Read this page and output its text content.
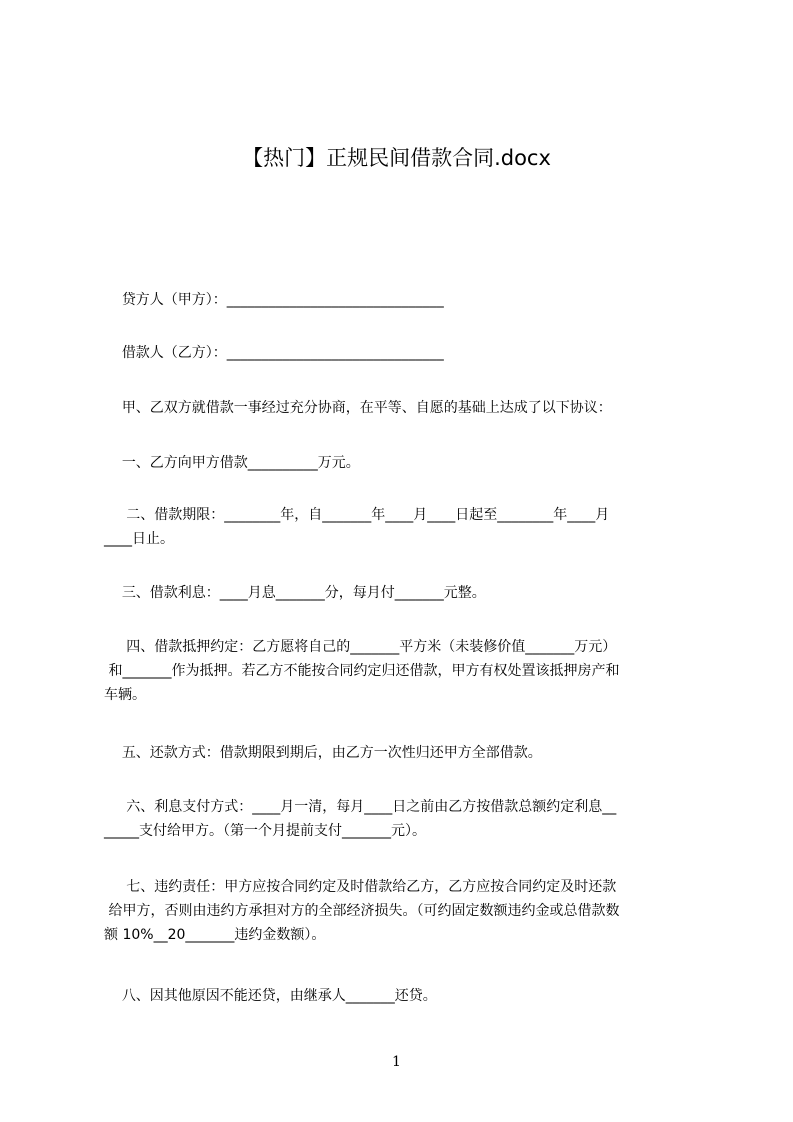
【热门】正规民间借款合同.docx
贷方人（甲方）：_______________________________
借款人（乙方）：_______________________________
甲、乙双方就借款一事经过充分协商，在平等、自愿的基础上达成了以下协议：
一、乙方向甲方借款__________万元。
二、借款期限：________年，自_______年____月____日起至________年____月
____日止。
三、借款利息：____月息_______分，每月付_______元整。
四、借款抵押约定：乙方愿将自己的_______平方米（未装修价值_______万元）
和_______作为抵押。若乙方不能按合同约定归还借款，甲方有权处置该抵押房产和
车辆。
五、还款方式：借款期限到期后，由乙方一次性归还甲方全部借款。
六、利息支付方式：____月一清，每月____日之前由乙方按借款总额约定利息__
_____支付给甲方。（第一个月提前支付_______元）。
七、违约责任：甲方应按合同约定及时借款给乙方，乙方应按合同约定及时还款
给甲方，否则由违约方承担对方的全部经济损失。（可约固定数额违约金或总借款数
额 10%__20_______违约金数额）。
八、因其他原因不能还贷，由继承人_______还贷。
1
